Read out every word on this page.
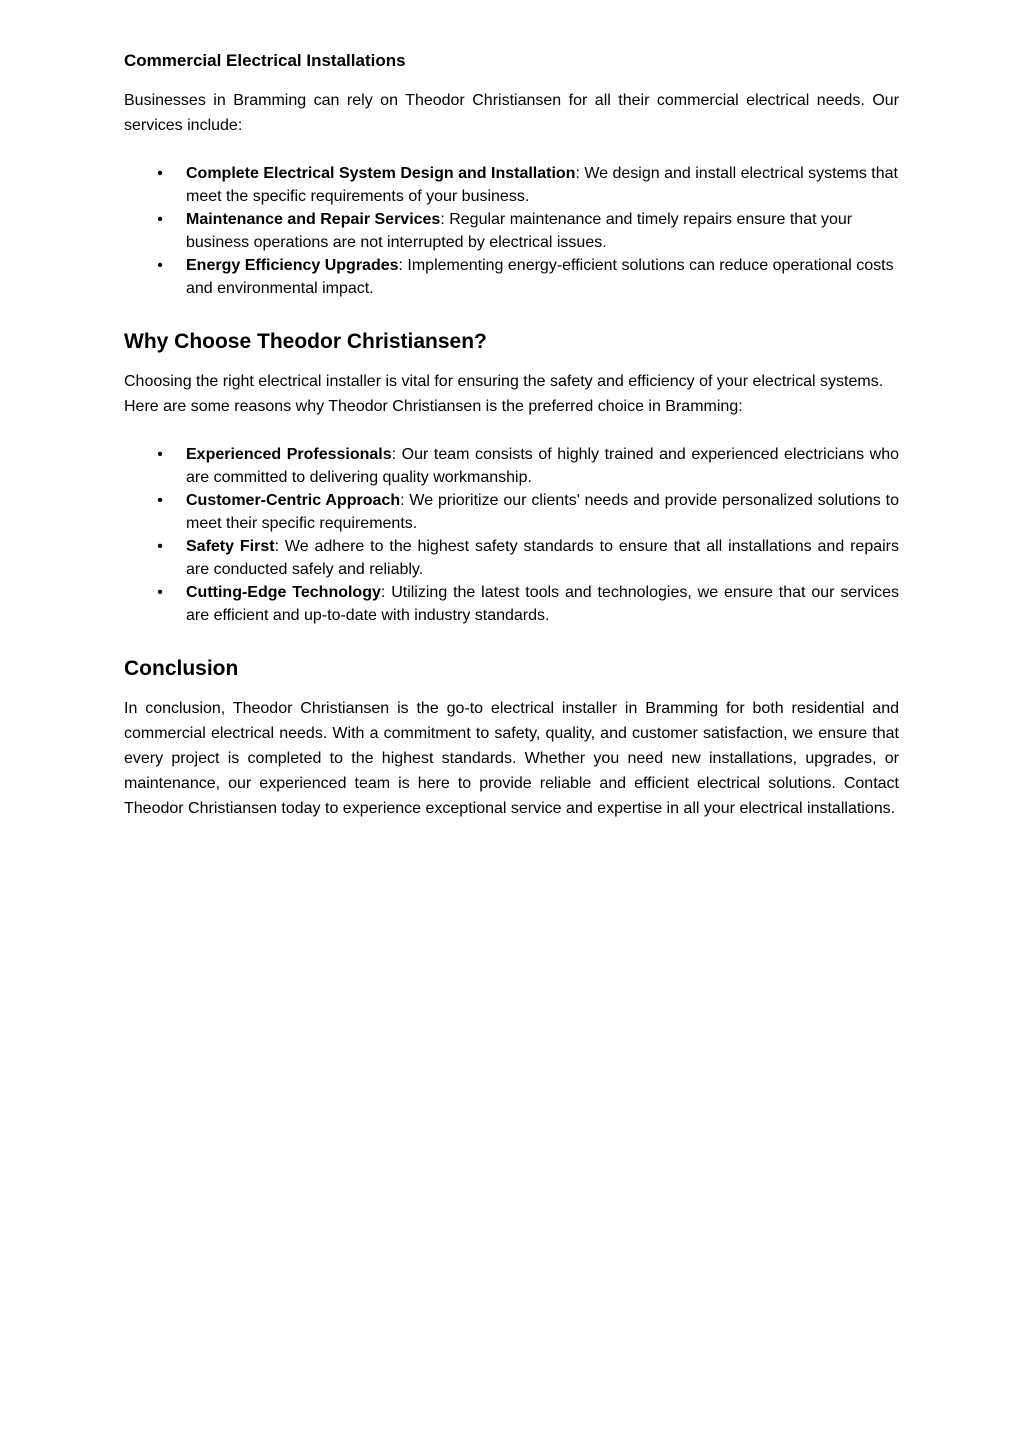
Commercial Electrical Installations

Businesses in Bramming can rely on Theodor Christiansen for all their commercial electrical needs. Our services include:

• Complete Electrical System Design and Installation: We design and install electrical systems that meet the specific requirements of your business.
• Maintenance and Repair Services: Regular maintenance and timely repairs ensure that your business operations are not interrupted by electrical issues.
• Energy Efficiency Upgrades: Implementing energy-efficient solutions can reduce operational costs and environmental impact.
Why Choose Theodor Christiansen?

Choosing the right electrical installer is vital for ensuring the safety and efficiency of your electrical systems. Here are some reasons why Theodor Christiansen is the preferred choice in Bramming:

• Experienced Professionals: Our team consists of highly trained and experienced electricians who are committed to delivering quality workmanship.
• Customer-Centric Approach: We prioritize our clients' needs and provide personalized solutions to meet their specific requirements.
• Safety First: We adhere to the highest safety standards to ensure that all installations and repairs are conducted safely and reliably.
• Cutting-Edge Technology: Utilizing the latest tools and technologies, we ensure that our services are efficient and up-to-date with industry standards.
Conclusion

In conclusion, Theodor Christiansen is the go-to electrical installer in Bramming for both residential and commercial electrical needs. With a commitment to safety, quality, and customer satisfaction, we ensure that every project is completed to the highest standards. Whether you need new installations, upgrades, or maintenance, our experienced team is here to provide reliable and efficient electrical solutions. Contact Theodor Christiansen today to experience exceptional service and expertise in all your electrical installations.
